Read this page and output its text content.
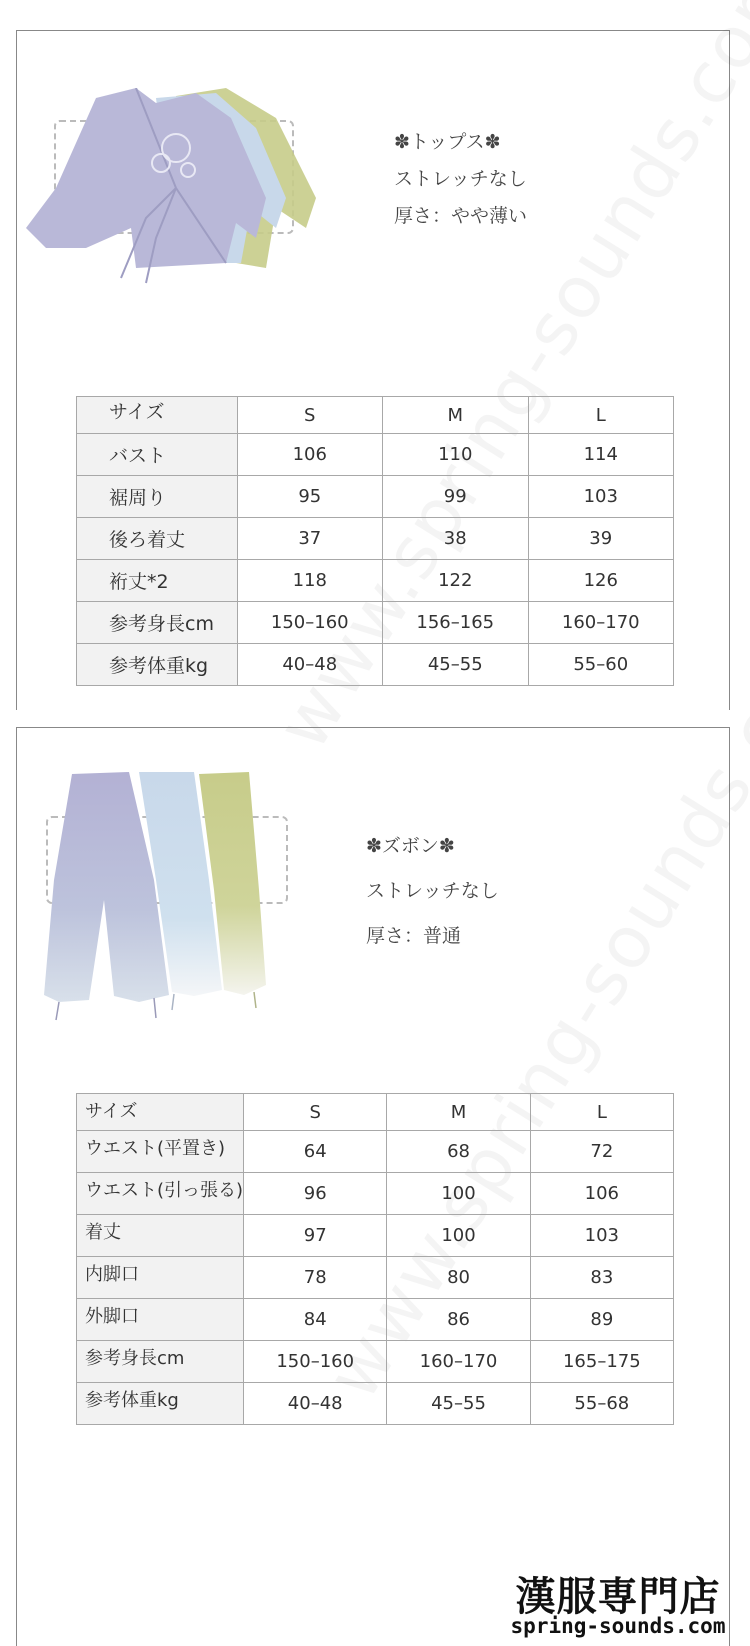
✽トップス✽
ストレッチなし
厚さ：やや薄い
サイズ	S	M	L
バスト	106	110	114
裾周り	95	99	103
後ろ着丈	37	38	39
裄丈*2	118	122	126
参考身長cm	150–160	156–165	160–170
参考体重kg	40–48	45–55	55–60
✽ズボン✽
ストレッチなし
厚さ：普通
サイズ	S	M	L
ウエスト(平置き)	64	68	72
ウエスト(引っ張る)	96	100	106
着丈	97	100	103
内脚口	78	80	83
外脚口	84	86	89
参考身長cm	150–160	160–170	165–175
参考体重kg	40–48	45–55	55–68
漢服専門店
spring-sounds.com
